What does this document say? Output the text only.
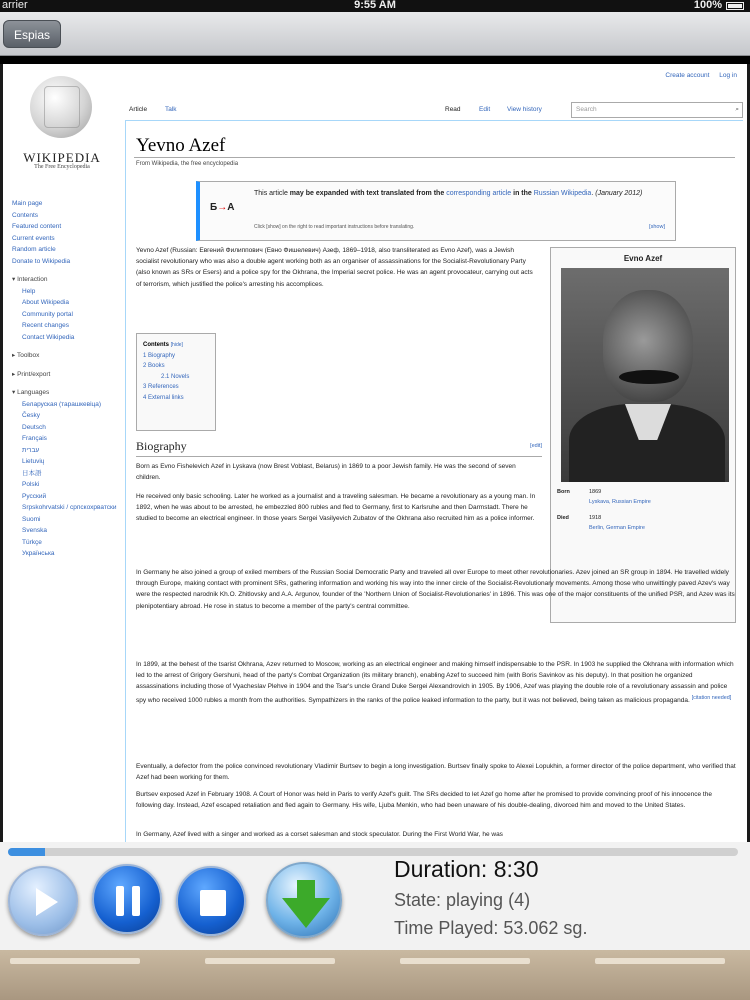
arrier	9:55 AM	100%
Espias
Create account Log in
WIKIPEDIA
The Free Encyclopedia
Main page
Contents
Featured content
Current events
Random article
Donate to Wikipedia
▾ Interaction
Help
About Wikipedia
Community portal
Recent changes
Contact Wikipedia
▸ Toolbox
▸ Print/export
▾ Languages
Беларуская (тарашкевіца)
Česky
Deutsch
Français
עברית
Lietuvių
日本語
Polski
Русский
Srpskohrvatski / српскохрватски
Suomi
Svenska
Türkçe
Українська
Article	Talk	Read	Edit	View history	Search ⌕
Yevno Azef
From Wikipedia, the free encyclopedia
Б→A
This article may be expanded with text translated from the corresponding article in the Russian Wikipedia. (January 2012)
Click [show] on the right to read important instructions before translating.	[show]
Yevno Azef (Russian: Евгений Филиппович (Евно Фишелевич) Азеф, 1869–1918, also transliterated as Evno Azef), was a Jewish socialist revolutionary who was also a double agent working both as an organiser of assassinations for the Socialist-Revolutionary Party (also known as SRs or Esers) and a police spy for the Okhrana, the Imperial secret police. He was an agent provocateur, carrying out acts of terrorism, which justified the police's arresting his accomplices.
Evno Azef
Born	1869
Lyskava, Russian Empire
Died	1918
Berlin, German Empire
Contents [hide]
1 Biography
2 Books
2.1 Novels
3 References
4 External links
Biography	[edit]
Born as Evno Fishelevich Azef in Lyskava (now Brest Voblast, Belarus) in 1869 to a poor Jewish family. He was the second of seven children.
He received only basic schooling. Later he worked as a journalist and a traveling salesman. He became a revolutionary as a young man. In 1892, when he was about to be arrested, he embezzled 800 rubles and fled to Germany, first to Karlsruhe and then Darmstadt. There he studied to become an electrical engineer. In those years Sergei Vasilyevich Zubatov of the Okhrana also recruited him as a police informer.
In Germany he also joined a group of exiled members of the Russian Social Democratic Party and traveled all over Europe to meet other revolutionaries. Azev joined an SR group in 1894. He travelled widely through Europe, making contact with prominent SRs, gathering information and working his way into the inner circle of the Socialist-Revolutionary movements. Among those who unwittingly paved Azev's way were the respected narodnik Kh.O. Zhitlovsky and A.A. Argunov, founder of the 'Northern Union of Socialist-Revolutionaries' in 1896. This was one of the major constituents of the unified PSR, and Azev was its plenipotentiary abroad. He rose in status to become a member of the party's central committee.
In 1899, at the behest of the tsarist Okhrana, Azev returned to Moscow, working as an electrical engineer and making himself indispensable to the PSR. In 1903 he supplied the Okhrana with information which led to the arrest of Grigory Gershuni, head of the party's Combat Organization (its military branch), enabling Azef to succeed him (with Boris Savinkov as his deputy). In that position he organized assassinations including those of Vyacheslav Plehve in 1904 and the Tsar's uncle Grand Duke Sergei Alexandrovich in 1905. By 1906, Azef was playing the double role of a revolutionary assassin and police spy who received 1000 rubles a month from the authorities. Sympathizers in the ranks of the police leaked information to the party, but it was not believed, being taken as malicious propaganda. [citation needed]
Eventually, a defector from the police convinced revolutionary Vladimir Burtsev to begin a long investigation. Burtsev finally spoke to Alexei Lopukhin, a former director of the police department, who verified that Azef had been working for them.
Burtsev exposed Azef in February 1908. A Court of Honor was held in Paris to verify Azef's guilt. The SRs decided to let Azef go home after he promised to provide convincing proof of his innocence the following day. Instead, Azef escaped retaliation and fled again to Germany. His wife, Ljuba Menkin, who had been unaware of his double-dealing, divorced him and moved to the United States.
In Germany, Azef lived with a singer and worked as a corset salesman and stock speculator. During the First World War, he was
Duration: 8:30
State: playing (4)
Time Played: 53.062 sg.
